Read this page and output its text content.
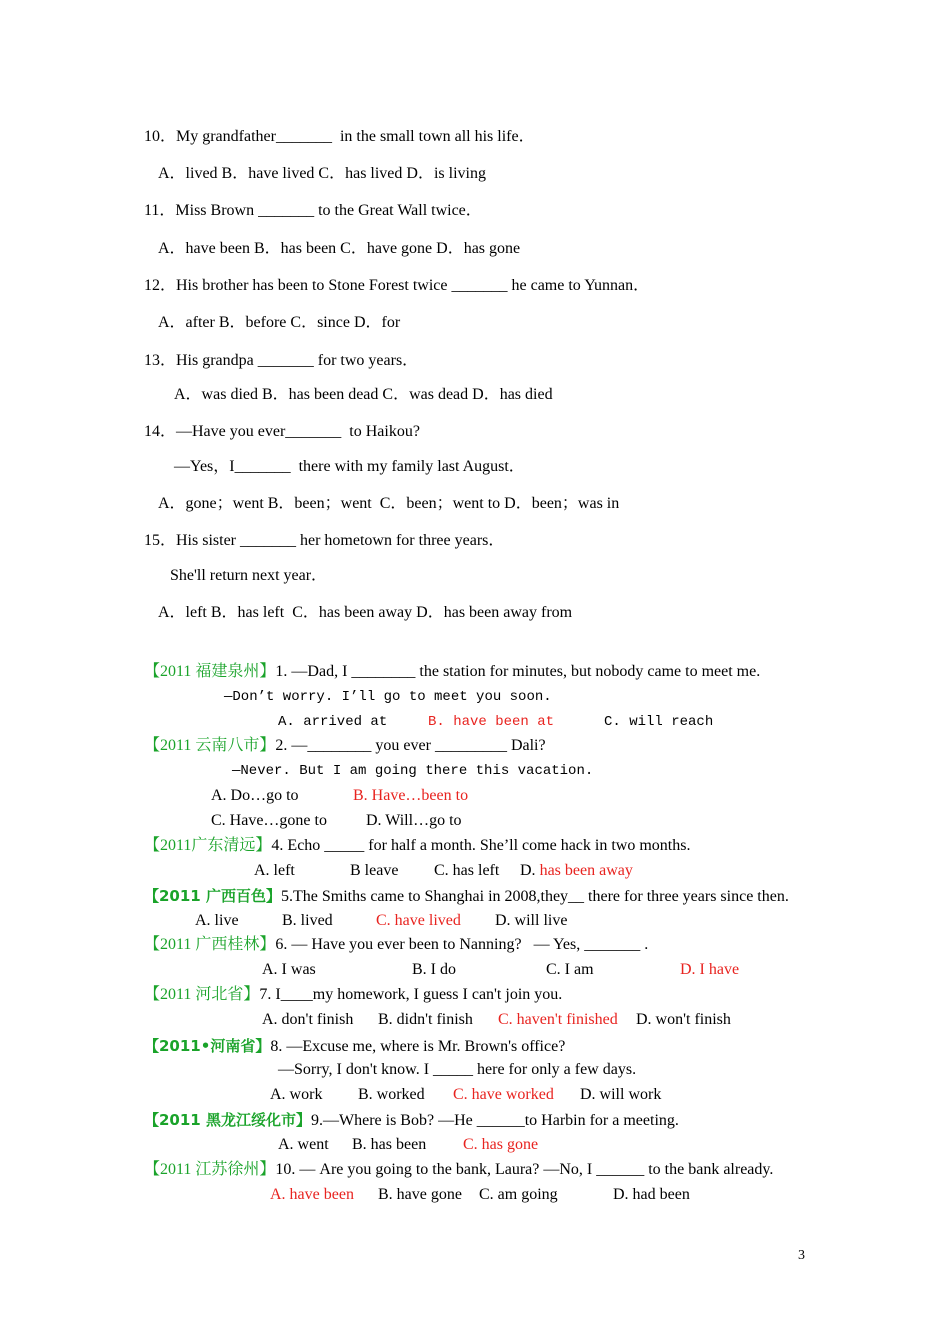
10．My grandfather_______  in the small town all his life．
A．lived B．have lived C．has lived D．is living
11．Miss Brown _______ to the Great Wall twice．
A．have been B．has been C．have gone D．has gone
12．His brother has been to Stone Forest twice _______ he came to Yunnan．
A．after B．before C．since D．for
13．His grandpa _______ for two years．
A．was died B．has been dead C．was dead D．has died
14．—Have you ever_______  to Haikou?
—Yes，I_______  there with my family last August．
A．gone；went B．been；went  C．been；went to D．been；was in
15．His sister _______ her hometown for three years．
She'll return next year．
A．left B．has left  C．has been away D．has been away from
【2011 福建泉州】1. —Dad, I ________ the station for minutes, but nobody came to meet me.
—Don’t worry. I’ll go to meet you soon.
A. arrived at	B. have been at	C. will reach
【2011 云南八市】2. —________ you ever _________ Dali?
—Never. But I am going there this vacation.
A. Do…go to	B. Have…been to
C. Have…gone to D. Will…go to
【2011广东清远】4. Echo _____ for half a month. She’ll come hack in two months.
A. left	B leave C. has left D. has been away
【2011 广西百色】5.The Smiths came to Shanghai in 2008,they__ there for three years since then.
A. live	B. lived	C. have lived D. will live
【2011 广西桂林】6. — Have you ever been to Nanning?   — Yes, _______ .
A. I was	B. I do	C. I am	D. I have
【2011 河北省】7. I____my homework, I guess I can't join you.
A. don't finish B. didn't finish C. haven't finished D. won't finish
【2011•河南省】8. —Excuse me, where is Mr. Brown's office?
—Sorry, I don't know. I _____ here for only a few days.
A. work B. worked C. have worked D. will work
【2011 黑龙江绥化市】9.—Where is Bob? —He ______to Harbin for a meeting.
A. went B. has been C. has gone
【2011 江苏徐州】10. — Are you going to the bank, Laura? —No, I ______ to the bank already.
A. have been B. have gone C. am going	D. had been
3
